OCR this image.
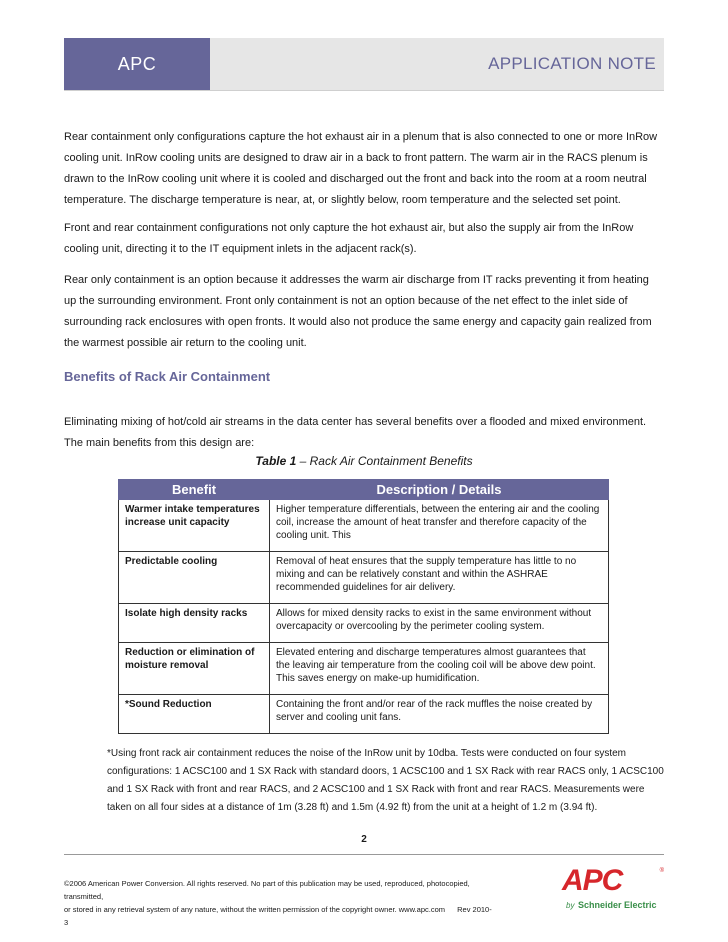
APC	APPLICATION NOTE

Rear containment only configurations capture the hot exhaust air in a plenum that is also connected to one or more InRow cooling unit. InRow cooling units are designed to draw air in a back to front pattern. The warm air in the RACS plenum is drawn to the InRow cooling unit where it is cooled and discharged out the front and back into the room at a room neutral temperature. The discharge temperature is near, at, or slightly below, room temperature and the selected set point.

Front and rear containment configurations not only capture the hot exhaust air, but also the supply air from the InRow cooling unit, directing it to the IT equipment inlets in the adjacent rack(s).

Rear only containment is an option because it addresses the warm air discharge from IT racks preventing it from heating up the surrounding environment. Front only containment is not an option because of the net effect to the inlet side of surrounding rack enclosures with open fronts. It would also not produce the same energy and capacity gain realized from the warmest possible air return to the cooling unit.

Benefits of Rack Air Containment

Eliminating mixing of hot/cold air streams in the data center has several benefits over a flooded and mixed environment. The main benefits from this design are:

Table 1 – Rack Air Containment Benefits

Benefit	Description / Details
Warmer intake temperatures increase unit capacity	Higher temperature differentials, between the entering air and the cooling coil, increase the amount of heat transfer and therefore capacity of the cooling unit. This
Predictable cooling	Removal of heat ensures that the supply temperature has little to no mixing and can be relatively constant and within the ASHRAE recommended guidelines for air delivery.
Isolate high density racks	Allows for mixed density racks to exist in the same environment without overcapacity or overcooling by the perimeter cooling system.
Reduction or elimination of moisture removal	Elevated entering and discharge temperatures almost guarantees that the leaving air temperature from the cooling coil will be above dew point. This saves energy on make-up humidification.
*Sound Reduction	Containing the front and/or rear of the rack muffles the noise created by server and cooling unit fans.

*Using front rack air containment reduces the noise of the InRow unit by 10dba. Tests were conducted on four system configurations: 1 ACSC100 and 1 SX Rack with standard doors, 1 ACSC100 and 1 SX Rack with rear RACS only, 1 ACSC100 and 1 SX Rack with front and rear RACS, and 2 ACSC100 and 1 SX Rack with front and rear RACS. Measurements were taken on all four sides at a distance of 1m (3.28 ft) and 1.5m (4.92 ft) from the unit at a height of 1.2 m (3.94 ft).

2

©2006 American Power Conversion. All rights reserved. No part of this publication may be used, reproduced, photocopied, transmitted,
or stored in any retrieval system of any nature, without the written permission of the copyright owner. www.apc.com Rev 2010-3

APC	®
by Schneider Electric
